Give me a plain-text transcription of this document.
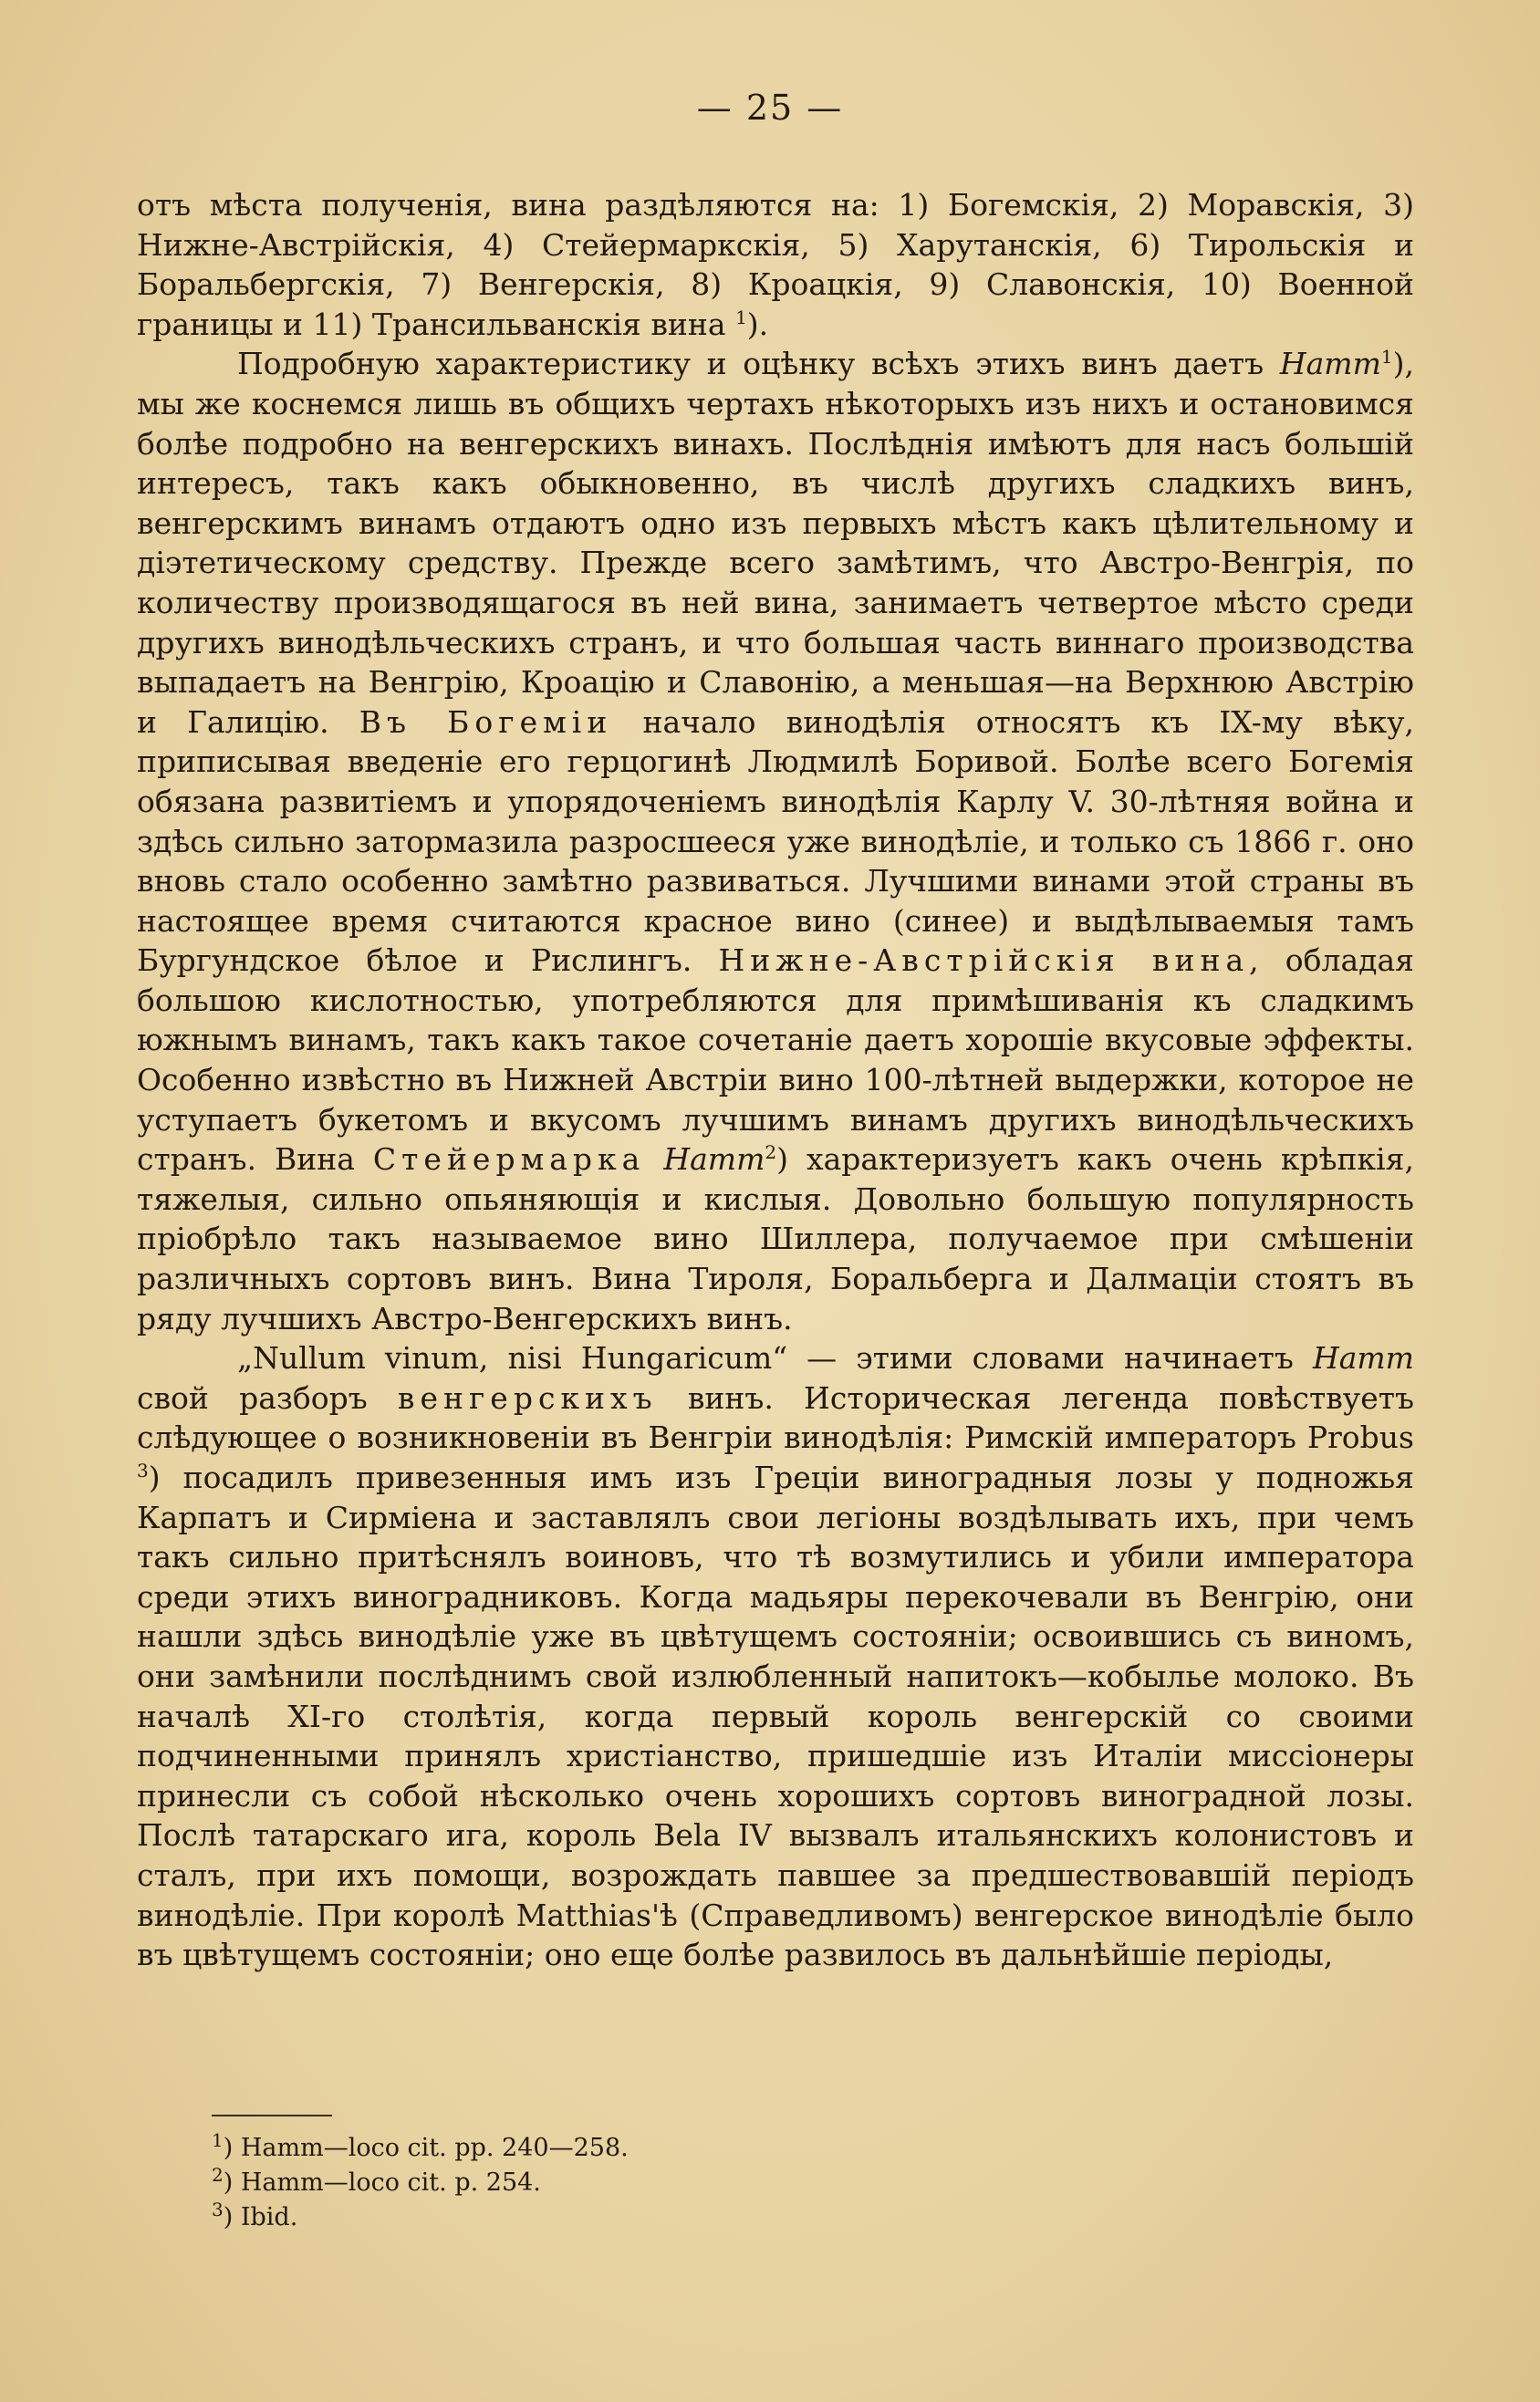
— 25 —

отъ мѣста полученія, вина раздѣляются на: 1) Богемскія, 2) Моравскія, 3) Нижне-Австрійскія, 4) Стейермаркскія, 5) Харутанскія, 6) Тирольскія и Боральбергскія, 7) Венгерскія, 8) Кроацкія, 9) Славонскія, 10) Военной границы и 11) Трансильванскія вина $^1$).

Подробную характеристику и оцѣнку всѣхъ этихъ винъ даетъ Hamm$^1$), мы же коснемся лишь въ общихъ чертахъ нѣкоторыхъ изъ нихъ и остановимся болѣе подробно на венгерскихъ винахъ. Послѣднія имѣютъ для насъ большій интересъ, такъ какъ обыкновенно, въ числѣ другихъ сладкихъ винъ, венгерскимъ винамъ отдаютъ одно изъ первыхъ мѣстъ какъ цѣлительному и діэтетическому средству. Прежде всего замѣтимъ, что Австро-Венгрія, по количеству производящагося въ ней вина, занимаетъ четвертое мѣсто среди другихъ винодѣльческихъ странъ, и что большая часть виннаго производства выпадаетъ на Венгрію, Кроацію и Славонію, а меньшая—на Верхнюю Австрію и Галицію. Въ Богеміи начало винодѣлія относятъ къ IX-му вѣку, приписывая введеніе его герцогинѣ Людмилѣ Боривой. Болѣе всего Богемія обязана развитіемъ и упорядоченіемъ винодѣлія Карлу V. 30-лѣтняя война и здѣсь сильно затормазила разросшееся уже винодѣліе, и только съ 1866 г. оно вновь стало особенно замѣтно развиваться. Лучшими винами этой страны въ настоящее время считаются красное вино (синее) и выдѣлываемыя тамъ Бургундское бѣлое и Рислингъ. Нижне-Австрійскія вина, обладая большою кислотностью, употребляются для примѣшиванія къ сладкимъ южнымъ винамъ, такъ какъ такое сочетаніе даетъ хорошіе вкусовые эффекты. Особенно извѣстно въ Нижней Австріи вино 100-лѣтней выдержки, которое не уступаетъ букетомъ и вкусомъ лучшимъ винамъ другихъ винодѣльческихъ странъ. Вина Стейермарка Hamm$^2$) характеризуетъ какъ очень крѣпкія, тяжелыя, сильно опьяняющія и кислыя. Довольно большую популярность пріобрѣло такъ называемое вино Шиллера, получаемое при смѣшеніи различныхъ сортовъ винъ. Вина Тироля, Боральберга и Далмаціи стоятъ въ ряду лучшихъ Австро-Венгерскихъ винъ.

„Nullum vinum, nisi Hungaricum“ — этими словами начинаетъ Hamm свой разборъ венгерскихъ винъ. Историческая легенда повѣствуетъ слѣдующее о возникновеніи въ Венгріи винодѣлія: Римскій императоръ Probus $^3$) посадилъ привезенныя имъ изъ Греціи виноградныя лозы у подножья Карпатъ и Сирміена и заставлялъ свои легіоны воздѣлывать ихъ, при чемъ такъ сильно притѣснялъ воиновъ, что тѣ возмутились и убили императора среди этихъ виноградниковъ. Когда мадьяры перекочевали въ Венгрію, они нашли здѣсь винодѣліе уже въ цвѣтущемъ состояніи; освоившись съ виномъ, они замѣнили послѣднимъ свой излюбленный напитокъ—кобылье молоко. Въ началѣ XI-го столѣтія, когда первый король венгерскій со своими подчиненными принялъ христіанство, пришедшіе изъ Италіи миссіонеры принесли съ собой нѣсколько очень хорошихъ сортовъ виноградной лозы. Послѣ татарскаго ига, король Bela IV вызвалъ итальянскихъ колонистовъ и сталъ, при ихъ помощи, возрождать павшее за предшествовавшій періодъ винодѣліе. При королѣ Matthias'ѣ (Справедливомъ) венгерское винодѣліе было въ цвѣтущемъ состояніи; оно еще болѣе развилось въ дальнѣйшіе періоды,

$^1$) Hamm—loco cit. pp. 240—258.

$^2$) Hamm—loco cit. p. 254.

$^3$) Ibid.
